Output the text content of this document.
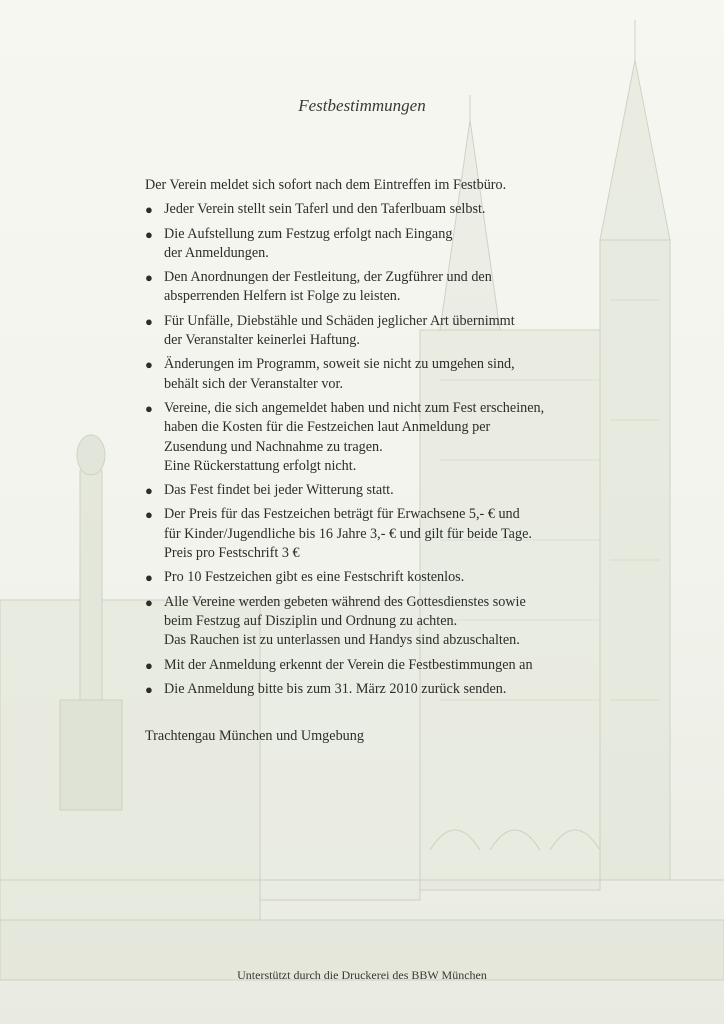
Festbestimmungen

Der Verein meldet sich sofort nach dem Eintreffen im Festbüro.

● Jeder Verein stellt sein Taferl und den Taferlbuam selbst.
● Die Aufstellung zum Festzug erfolgt nach Eingang
der Anmeldungen.
● Den Anordnungen der Festleitung, der Zugführer und den
absperrenden Helfern ist Folge zu leisten.
● Für Unfälle, Diebstähle und Schäden jeglicher Art übernimmt
der Veranstalter keinerlei Haftung.
● Änderungen im Programm, soweit sie nicht zu umgehen sind,
behält sich der Veranstalter vor.
● Vereine, die sich angemeldet haben und nicht zum Fest erscheinen,
haben die Kosten für die Festzeichen laut Anmeldung per
Zusendung und Nachnahme zu tragen.
Eine Rückerstattung erfolgt nicht.
● Das Fest findet bei jeder Witterung statt.
● Der Preis für das Festzeichen beträgt für Erwachsene 5,- € und
für Kinder/Jugendliche bis 16 Jahre 3,- € und gilt für beide Tage.
Preis pro Festschrift 3 €
● Pro 10 Festzeichen gibt es eine Festschrift kostenlos.
● Alle Vereine werden gebeten während des Gottesdienstes sowie
beim Festzug auf Disziplin und Ordnung zu achten.
Das Rauchen ist zu unterlassen und Handys sind abzuschalten.
● Mit der Anmeldung erkennt der Verein die Festbestimmungen an
● Die Anmeldung bitte bis zum 31. März 2010 zurück senden.

Trachtengau München und Umgebung

Unterstützt durch die Druckerei des BBW München
